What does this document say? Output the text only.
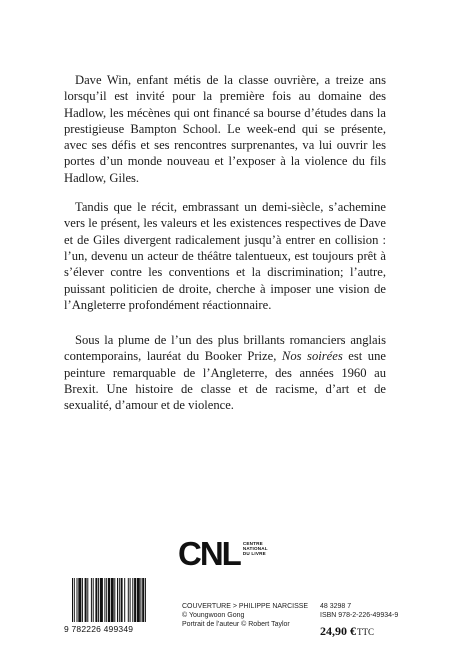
Dave Win, enfant métis de la classe ouvrière, a treize ans lorsqu’il est invité pour la première fois au domaine des Hadlow, les mécènes qui ont financé sa bourse d’études dans la prestigieuse Bampton School. Le week-end qui se présente, avec ses défis et ses rencontres surprenantes, va lui ouvrir les portes d’un monde nouveau et l’exposer à la violence du fils Hadlow, Giles.

Tandis que le récit, embrassant un demi-siècle, s’achemine vers le présent, les valeurs et les existences respectives de Dave et de Giles divergent radicalement jusqu’à entrer en collision : l’un, devenu un acteur de théâtre talentueux, est toujours prêt à s’élever contre les conventions et la discrimination; l’autre, puissant politicien de droite, cherche à imposer une vision de l’Angleterre profondément réactionnaire.

Sous la plume de l’un des plus brillants romanciers anglais contemporains, lauréat du Booker Prize, Nos soirées est une peinture remarquable de l’Angleterre, des années 1960 au Brexit. Une histoire de classe et de racisme, d’art et de sexualité, d’amour et de violence.

CNL CENTRE
NATIONAL
DU LIVRE
9 782226 499349
COUVERTURE > PHILIPPE NARCISSE
© Youngwoon Gong
Portrait de l’auteur © Robert Taylor
48 3298 7
ISBN 978-2-226-49934-9
24,90 €TTC
